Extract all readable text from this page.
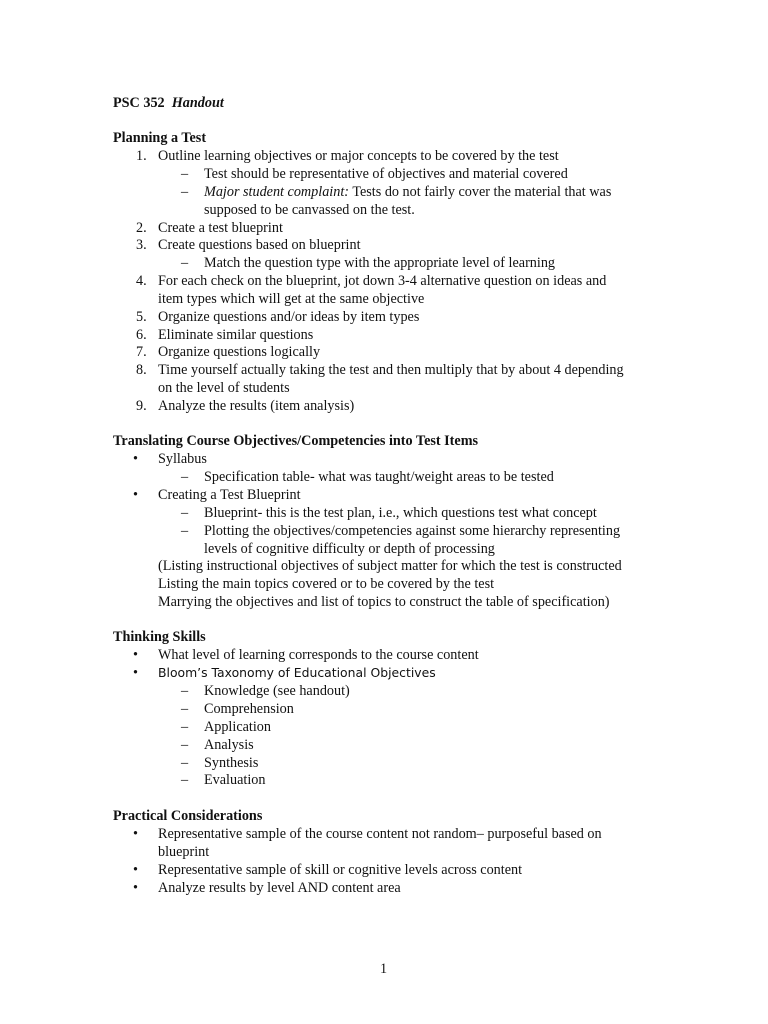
PSC 352 Handout
Planning a Test
1. Outline learning objectives or major concepts to be covered by the test
– Test should be representative of objectives and material covered
– Major student complaint: Tests do not fairly cover the material that was
supposed to be canvassed on the test.
2. Create a test blueprint
3. Create questions based on blueprint
– Match the question type with the appropriate level of learning
4. For each check on the blueprint, jot down 3-4 alternative question on ideas and
item types which will get at the same objective
5. Organize questions and/or ideas by item types
6. Eliminate similar questions
7. Organize questions logically
8. Time yourself actually taking the test and then multiply that by about 4 depending
on the level of students
9. Analyze the results (item analysis)
Translating Course Objectives/Competencies into Test Items
• Syllabus
– Specification table- what was taught/weight areas to be tested
• Creating a Test Blueprint
– Blueprint- this is the test plan, i.e., which questions test what concept
– Plotting the objectives/competencies against some hierarchy representing
levels of cognitive difficulty or depth of processing
(Listing instructional objectives of subject matter for which the test is constructed
Listing the main topics covered or to be covered by the test
Marrying the objectives and list of topics to construct the table of specification)
Thinking Skills
• What level of learning corresponds to the course content
• Bloom’s Taxonomy of Educational Objectives
– Knowledge (see handout)
– Comprehension
– Application
– Analysis
– Synthesis
– Evaluation
Practical Considerations
• Representative sample of the course content not random– purposeful based on
blueprint
• Representative sample of skill or cognitive levels across content
• Analyze results by level AND content area
1
